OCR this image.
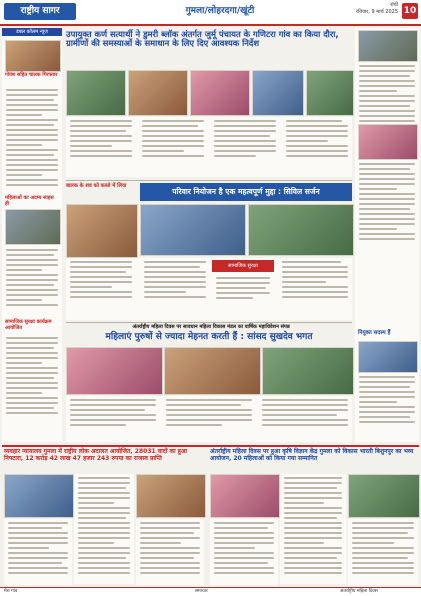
राष्ट्रीय सागर	गुमला/लोहरदगा/खूंटी
रांची
रविवार, 9 मार्च 2025 10
डबल कॉलम न्यूज
गोवंश सहित चालक गिरफ्तार
महिलाओं का अदम्य साहस ही
सामाजिक सुरक्षा कार्यक्रम आयोजित
उपायुक्त कर्ण सत्यार्थी ने डुमरी ब्लॉक अंतर्गत जुर्मू पंचायत के गणिटरा गांव का किया दौरा, ग्रामीणों की समस्याओं के समाधान के लिए दिए आवश्यक निर्देश
नियुक्त सदस्य हैं
बालक के शव को कब्जे में लिया
परिवार नियोजन है एक महत्वपूर्ण मुद्दा : सिविल सर्जन
सामाजिक सुरक्षा
अंतर्राष्ट्रीय महिला दिवस पर सावधान महिला विकास मंडल का वार्षिक महाधिवेशन संपन्न
महिलाएं पुरुषों से ज्यादा मेहनत करती हैं : सांसद सुखदेव भगत
व्यवहार न्यायालय गुमला में राष्ट्रीय लोक अदालत आयोजित, 28031 वादों का हुआ निपटारा, 12 करोड़ 42 लाख 47 हजार 243 रुपया का राजस्व प्राप्ति
अंतर्राष्ट्रीय महिला दिवस पर हुआ कृषि विज्ञान केंद्र गुमला को विकास भारती बिशुनपुर का भव्य आयोजन, 20 महिलाओं को किया गया सम्मानित
मेरा गांव	समाचार	अंतर्राष्ट्रीय महिला दिवस
